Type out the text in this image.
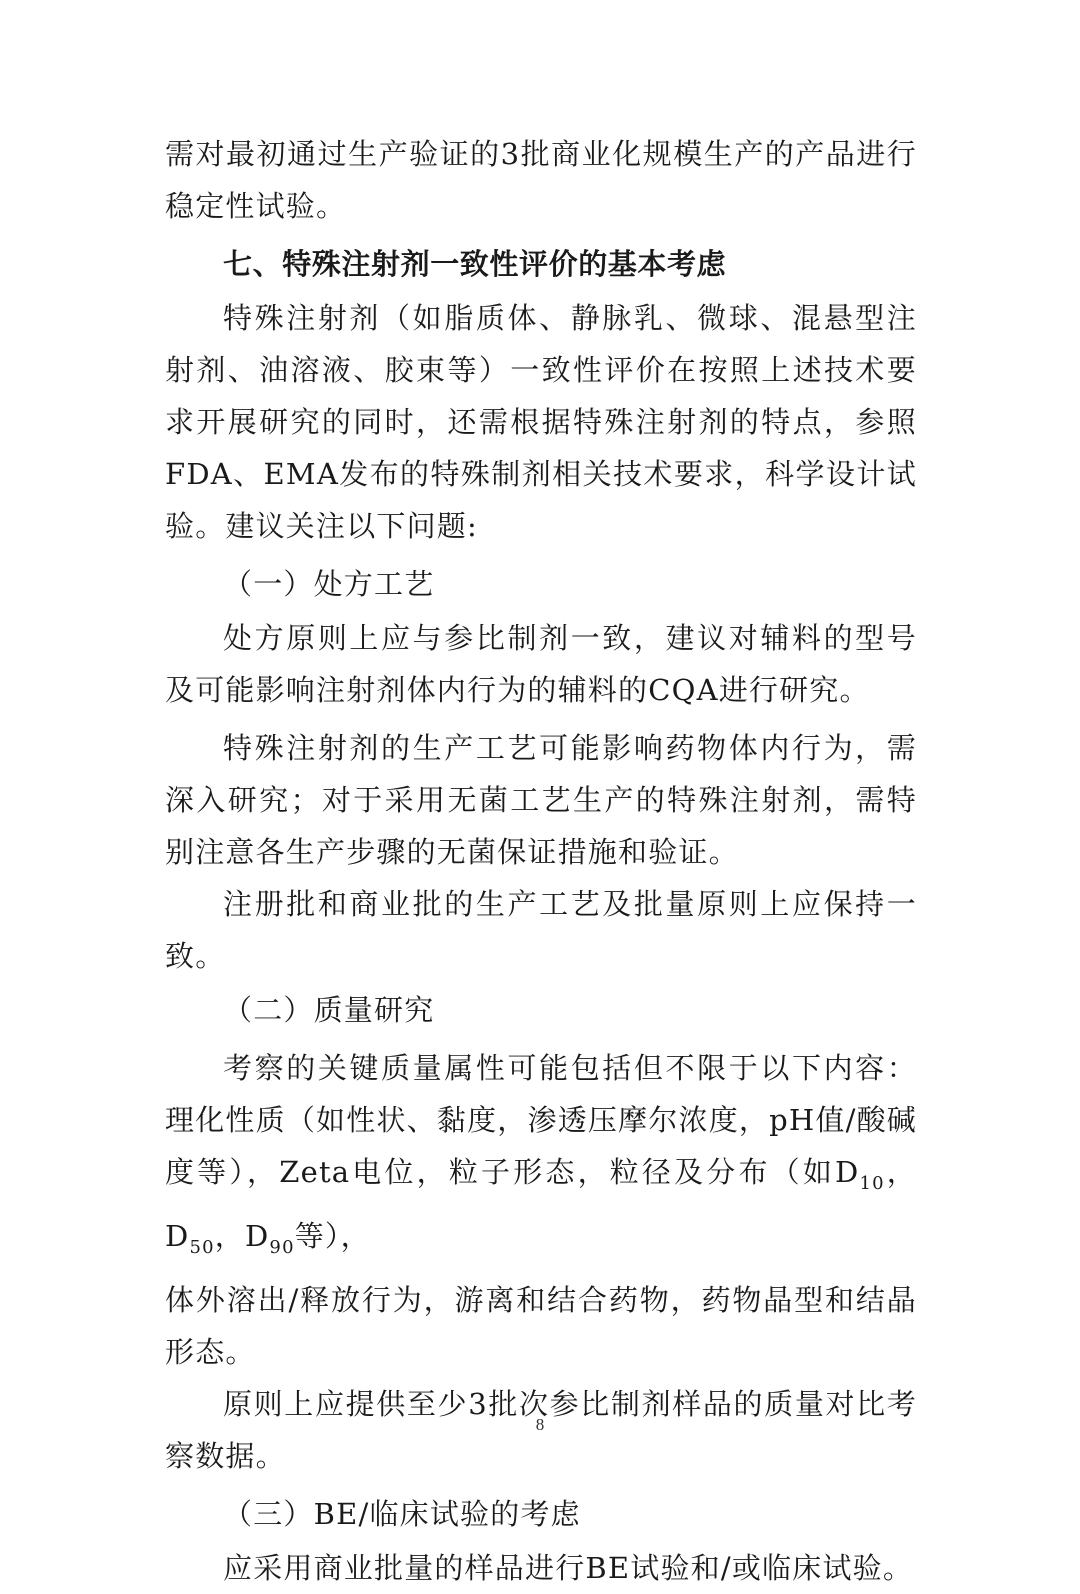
需对最初通过生产验证的3批商业化规模生产的产品进行稳定性试验。

七、特殊注射剂一致性评价的基本考虑

特殊注射剂（如脂质体、静脉乳、微球、混悬型注射剂、油溶液、胶束等）一致性评价在按照上述技术要求开展研究的同时，还需根据特殊注射剂的特点，参照FDA、EMA发布的特殊制剂相关技术要求，科学设计试验。建议关注以下问题:

（一）处方工艺

处方原则上应与参比制剂一致，建议对辅料的型号及可能影响注射剂体内行为的辅料的CQA进行研究。

特殊注射剂的生产工艺可能影响药物体内行为，需深入研究；对于采用无菌工艺生产的特殊注射剂，需特别注意各生产步骤的无菌保证措施和验证。

注册批和商业批的生产工艺及批量原则上应保持一致。

（二）质量研究

考察的关键质量属性可能包括但不限于以下内容：理化性质（如性状、黏度，渗透压摩尔浓度，pH值/酸碱度等），Zeta电位，粒子形态，粒径及分布（如$D_{10}$，$D_{50}$，$D_{90}$等），
体外溶出/释放行为，游离和结合药物，药物晶型和结晶形态。

原则上应提供至少3批次参比制剂样品的质量对比考察数据。

（三）BE/临床试验的考虑

应采用商业批量的样品进行BE试验和/或临床试验。

8
